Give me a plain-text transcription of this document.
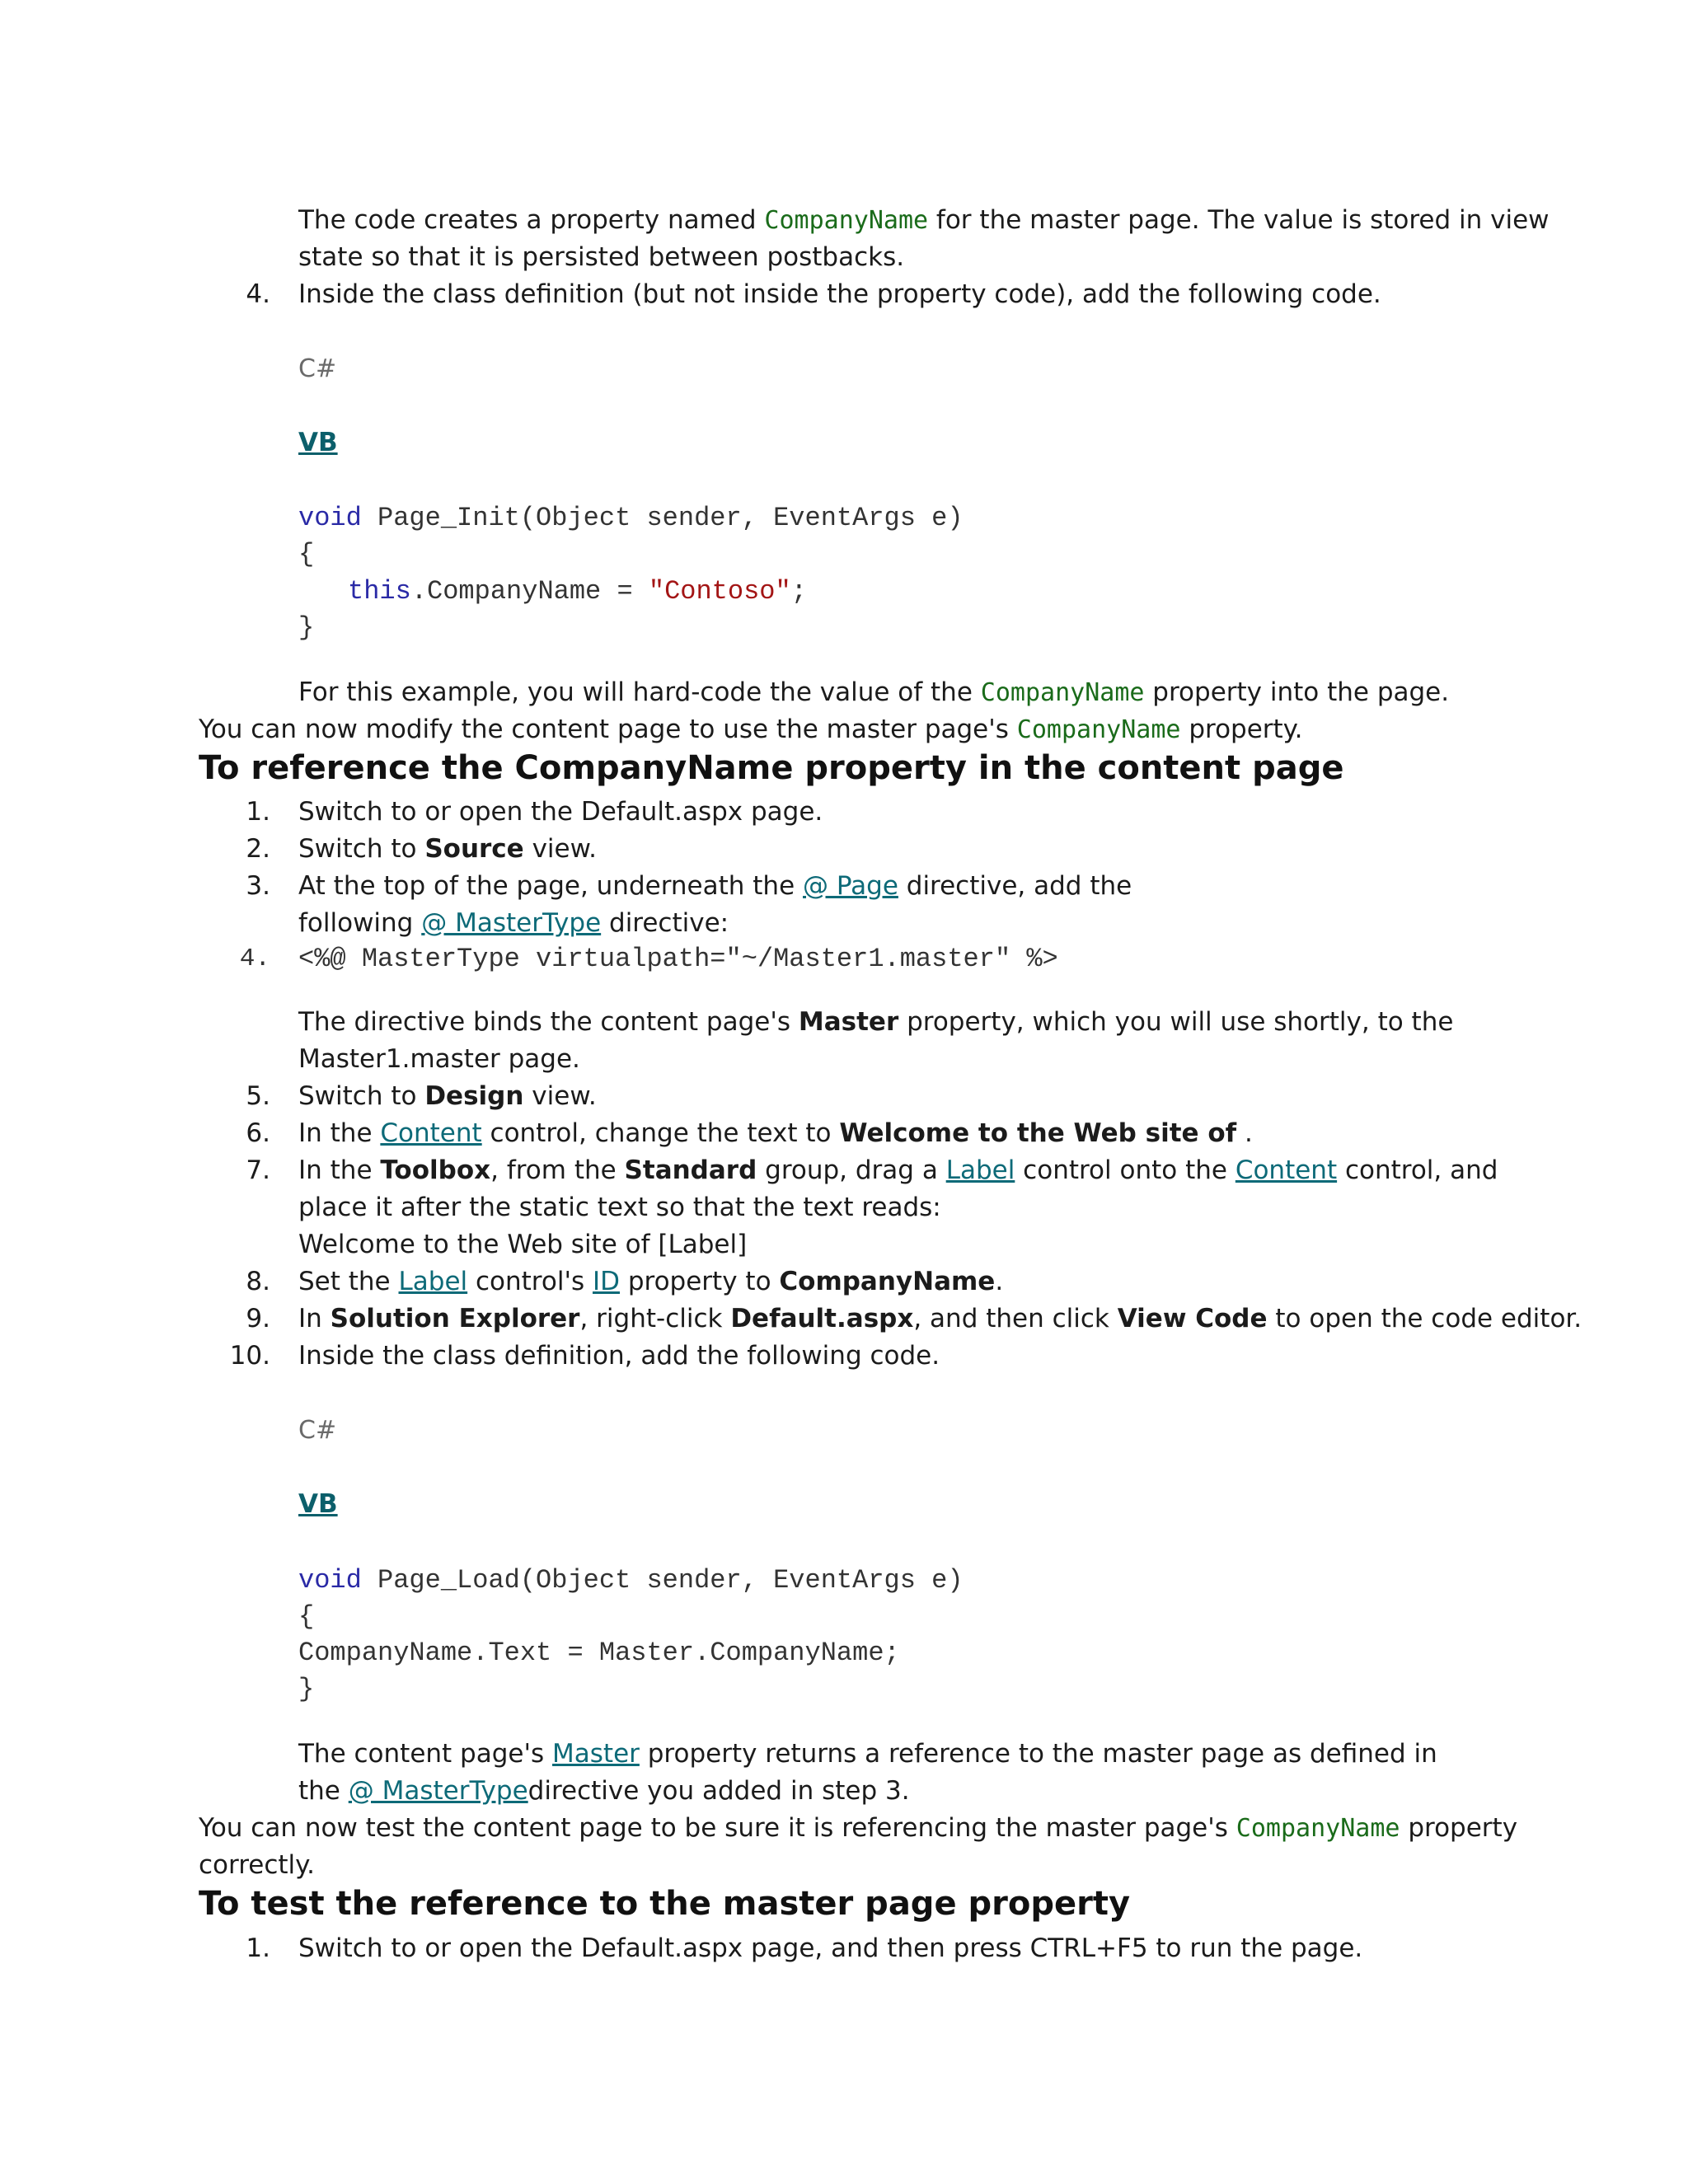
The code creates a property named CompanyName for the master page. The value is stored in view
state so that it is persisted between postbacks.
4. Inside the class definition (but not inside the property code), add the following code.
C#
VB
void Page_Init(Object sender, EventArgs e)
{
this.CompanyName = "Contoso";
}
For this example, you will hard-code the value of the CompanyName property into the page.
You can now modify the content page to use the master page's CompanyName property.
To reference the CompanyName property in the content page
1. Switch to or open the Default.aspx page.
2. Switch to Source view.
3. At the top of the page, underneath the @ Page directive, add the
following @ MasterType directive:
4. <%@ MasterType virtualpath="~/Master1.master" %>
The directive binds the content page's Master property, which you will use shortly, to the
Master1.master page.
5. Switch to Design view.
6. In the Content control, change the text to Welcome to the Web site of .
7. In the Toolbox, from the Standard group, drag a Label control onto the Content control, and
place it after the static text so that the text reads:
Welcome to the Web site of [Label]
8. Set the Label control's ID property to CompanyName.
9. In Solution Explorer, right-click Default.aspx, and then click View Code to open the code editor.
10. Inside the class definition, add the following code.
C#
VB
void Page_Load(Object sender, EventArgs e)
{
CompanyName.Text = Master.CompanyName;
}
The content page's Master property returns a reference to the master page as defined in
the @ MasterTypedirective you added in step 3.
You can now test the content page to be sure it is referencing the master page's CompanyName property
correctly.
To test the reference to the master page property
1. Switch to or open the Default.aspx page, and then press CTRL+F5 to run the page.
